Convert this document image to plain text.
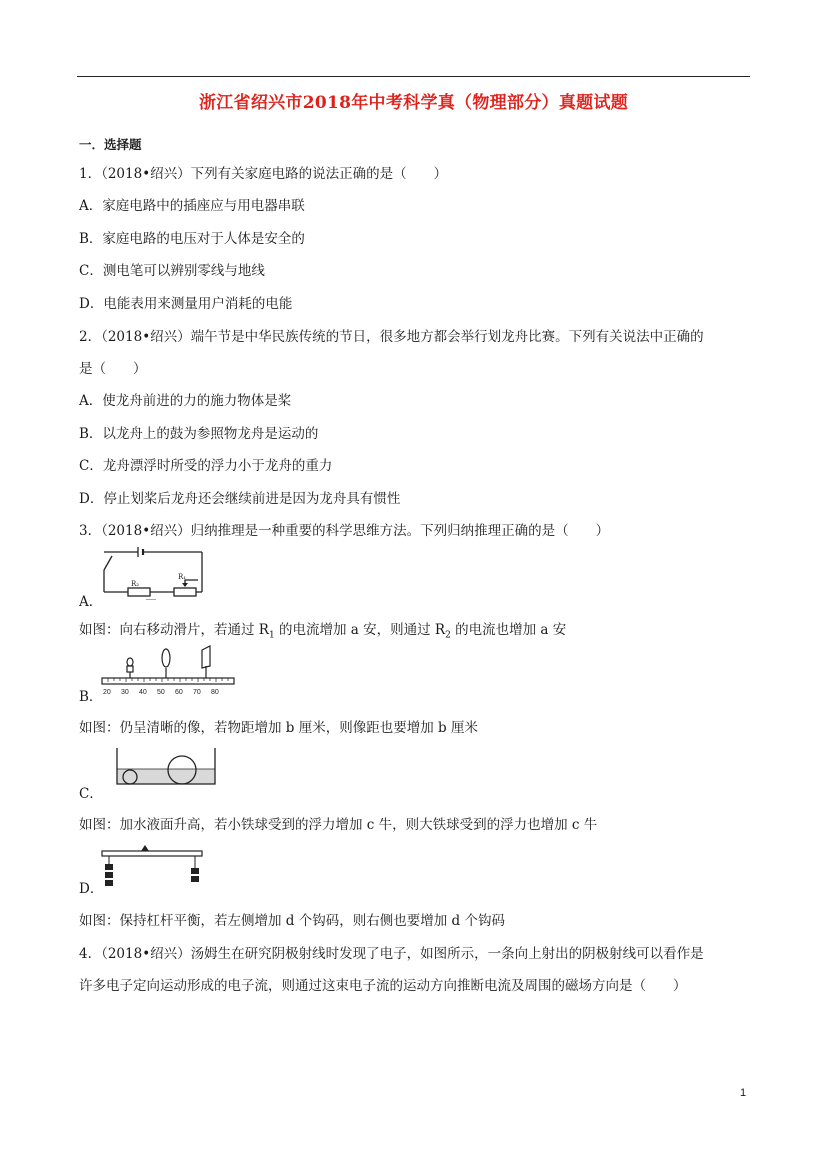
浙江省绍兴市2018年中考科学真（物理部分）真题试题
一．选择题
1．（2018•绍兴）下列有关家庭电路的说法正确的是（　　）
A．家庭电路中的插座应与用电器串联
B．家庭电路的电压对于人体是安全的
C．测电笔可以辨别零线与地线
D．电能表用来测量用户消耗的电能
2．（2018•绍兴）端午节是中华民族传统的节日，很多地方都会举行划龙舟比赛。下列有关说法中正确的
是（　　）
A．使龙舟前进的力的施力物体是桨
B．以龙舟上的鼓为参照物龙舟是运动的
C．龙舟漂浮时所受的浮力小于龙舟的重力
D．停止划桨后龙舟还会继续前进是因为龙舟具有惯性
3．（2018•绍兴）归纳推理是一种重要的科学思维方法。下列归纳推理正确的是（　　）
R₂
R₁
A．
如图：向右移动滑片，若通过 $R_1$ 的电流增加 a 安，则通过 $R_2$ 的电流也增加 a 安
20 30 40 50 60 70 80
B．
如图：仍呈清晰的像，若物距增加 b 厘米，则像距也要增加 b 厘米
C．
如图：加水液面升高，若小铁球受到的浮力增加 c 牛，则大铁球受到的浮力也增加 c 牛
D．
如图：保持杠杆平衡，若左侧增加 d 个钩码，则右侧也要增加 d 个钩码
4．（2018•绍兴）汤姆生在研究阴极射线时发现了电子，如图所示，一条向上射出的阴极射线可以看作是
许多电子定向运动形成的电子流，则通过这束电子流的运动方向推断电流及周围的磁场方向是（　　）
1
